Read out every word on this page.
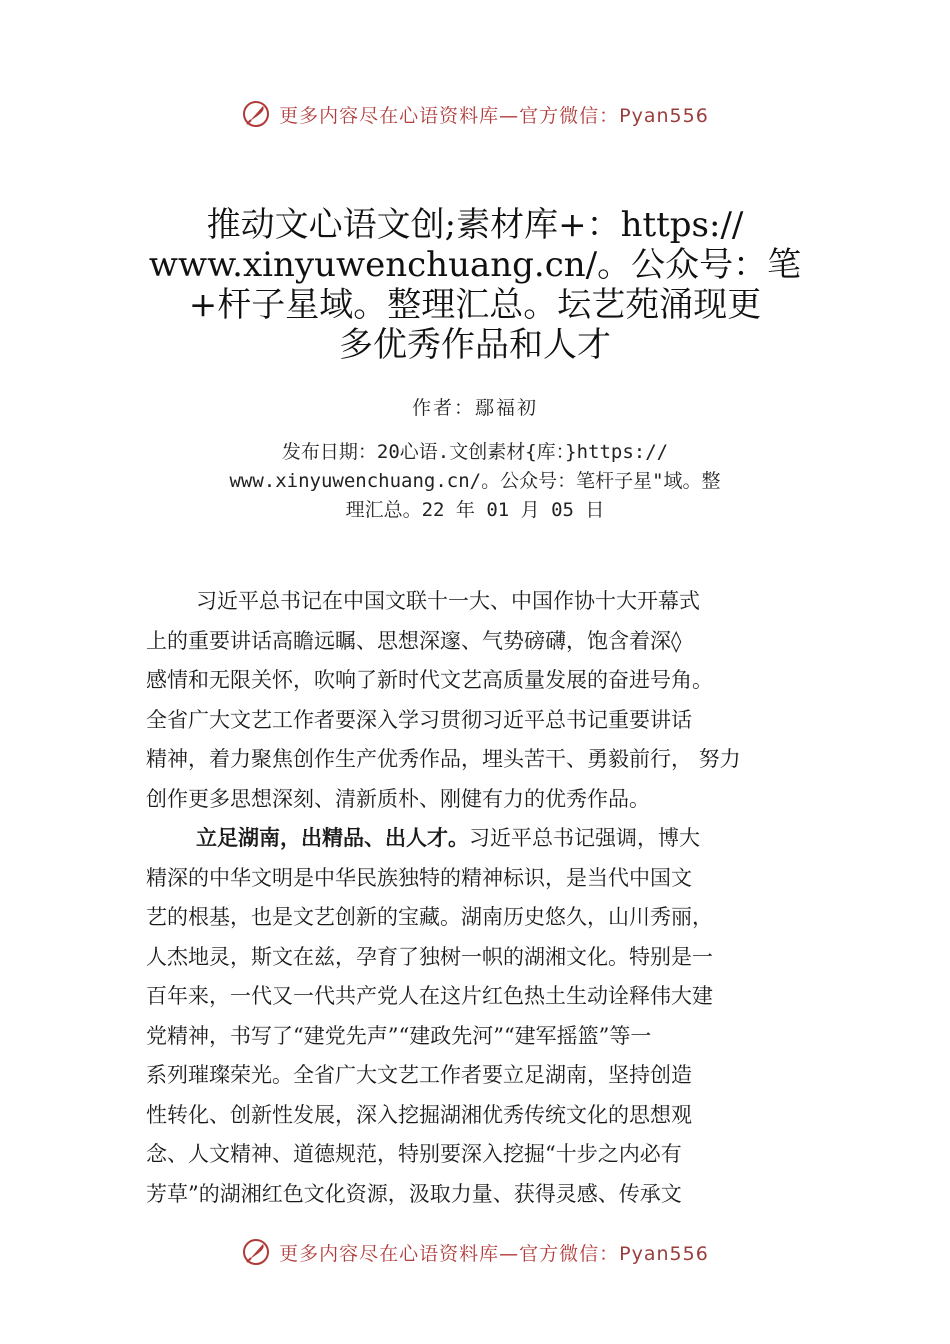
更多内容尽在心语资料库—官方微信：Pyan556
推动文心语文创;素材库+：https://
www.xinyuwenchuang.cn/。公众号：笔
+杆子星域。整理汇总。坛艺苑涌现更
多优秀作品和人才
作者：鄢福初
发布日期：20心语.文创素材{库：}https://
www.xinyuwenchuang.cn/。公众号：笔杆子星"域。整
理汇总。22 年 01 月 05 日
习近平总书记在中国文联十一大、中国作协十大开幕式
上的重要讲话高瞻远瞩、思想深邃、气势磅礴，饱含着深◊
感情和无限关怀，吹响了新时代文艺高质量发展的奋进号角。
全省广大文艺工作者要深入学习贯彻习近平总书记重要讲话
精神，着力聚焦创作生产优秀作品，埋头苦干、勇毅前行， 努力
创作更多思想深刻、清新质朴、刚健有力的优秀作品。
立足湖南，出精品、出人才。习近平总书记强调，博大
精深的中华文明是中华民族独特的精神标识，是当代中国文
艺的根基，也是文艺创新的宝藏。湖南历史悠久，山川秀丽，
人杰地灵，斯文在兹，孕育了独树一帜的湖湘文化。特别是一
百年来，一代又一代共产党人在这片红色热土生动诠释伟大建
党精神，书写了“建党先声”“建政先河”“建军摇篮”等一
系列璀璨荣光。全省广大文艺工作者要立足湖南，坚持创造
性转化、创新性发展，深入挖掘湖湘优秀传统文化的思想观
念、人文精神、道德规范，特别要深入挖掘“十步之内必有
芳草”的湖湘红色文化资源，汲取力量、获得灵感、传承文
更多内容尽在心语资料库—官方微信：Pyan556
